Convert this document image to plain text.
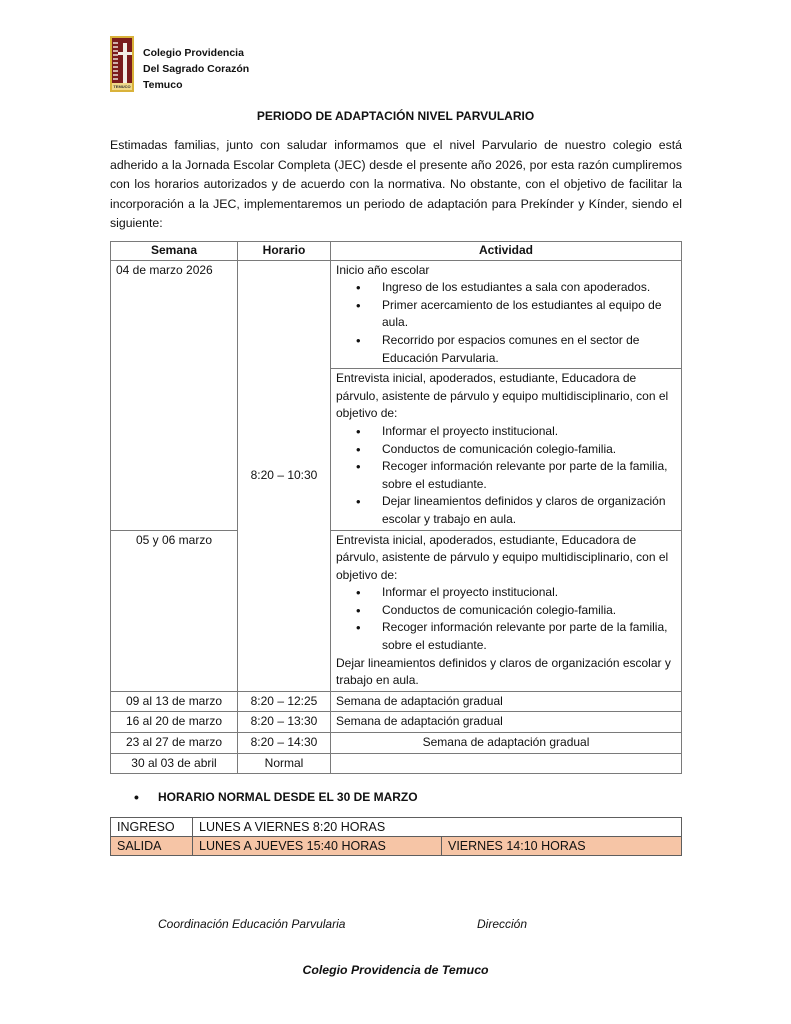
TEMUCO
Colegio Providencia
Del Sagrado Corazón
Temuco
PERIODO DE ADAPTACIÓN NIVEL PARVULARIO
Estimadas familias, junto con saludar informamos que el nivel Parvulario de nuestro colegio está adherido a la Jornada Escolar Completa (JEC) desde el presente año 2026, por esta razón cumpliremos con los horarios autorizados y de acuerdo con la normativa. No obstante, con el objetivo de facilitar la incorporación a la JEC, implementaremos un periodo de adaptación para Prekínder y Kínder, siendo el siguiente:
Semana	Horario	Actividad
04 de marzo 2026	8:20 – 10:30	
Inicio año escolar
• Ingreso de los estudiantes a sala con apoderados.
• Primer acercamiento de los estudiantes al equipo de aula.
• Recorrido por espacios comunes en el sector de Educación Parvularia.

Entrevista inicial, apoderados, estudiante, Educadora de párvulo, asistente de párvulo y equipo multidisciplinario, con el objetivo de:
• Informar el proyecto institucional.
• Conductos de comunicación colegio-familia.
• Recoger información relevante por parte de la familia, sobre el estudiante.
• Dejar lineamientos definidos y claros de organización escolar y trabajo en aula.

05 y 06 marzo	Entrevista inicial, apoderados, estudiante, Educadora de párvulo, asistente de párvulo y equipo multidisciplinario, con el objetivo de:
• Informar el proyecto institucional.
• Conductos de comunicación colegio-familia.
• Recoger información relevante por parte de la familia, sobre el estudiante.
Dejar lineamientos definidos y claros de organización escolar y trabajo en aula.

09 al 13 de marzo	8:20 – 12:25	Semana de adaptación gradual
16 al 20 de marzo	8:20 – 13:30	Semana de adaptación gradual
23 al 27 de marzo	8:20 – 14:30	Semana de adaptación gradual
30 al 03 de abril	Normal	
• HORARIO NORMAL DESDE EL 30 DE MARZO
INGRESO	LUNES A VIERNES 8:20 HORAS	
SALIDA	LUNES A JUEVES 15:40 HORAS	VIERNES 14:10 HORAS
Coordinación Educación Parvularia	Dirección
Colegio Providencia de Temuco
